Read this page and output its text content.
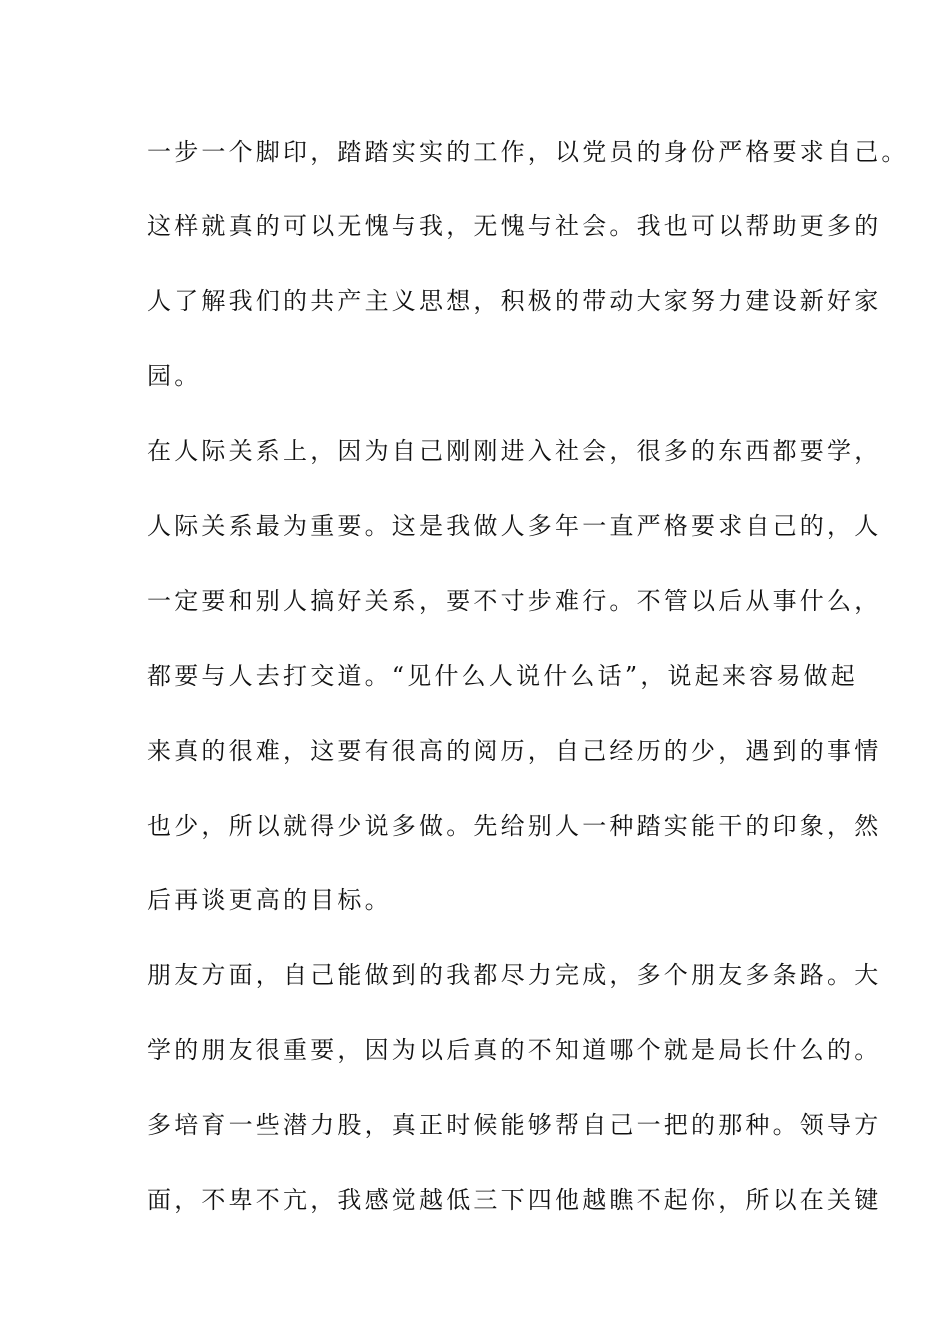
一步一个脚印，踏踏实实的工作，以党员的身份严格要求自己。
这样就真的可以无愧与我，无愧与社会。我也可以帮助更多的
人了解我们的共产主义思想，积极的带动大家努力建设新好家
园。
在人际关系上，因为自己刚刚进入社会，很多的东西都要学，
人际关系最为重要。这是我做人多年一直严格要求自己的，人
一定要和别人搞好关系，要不寸步难行。不管以后从事什么，
都要与人去打交道。“见什么人说什么话”，说起来容易做起
来真的很难，这要有很高的阅历，自己经历的少，遇到的事情
也少，所以就得少说多做。先给别人一种踏实能干的印象，然
后再谈更高的目标。
朋友方面，自己能做到的我都尽力完成，多个朋友多条路。大
学的朋友很重要，因为以后真的不知道哪个就是局长什么的。
多培育一些潜力股，真正时候能够帮自己一把的那种。领导方
面，不卑不亢，我感觉越低三下四他越瞧不起你，所以在关键
